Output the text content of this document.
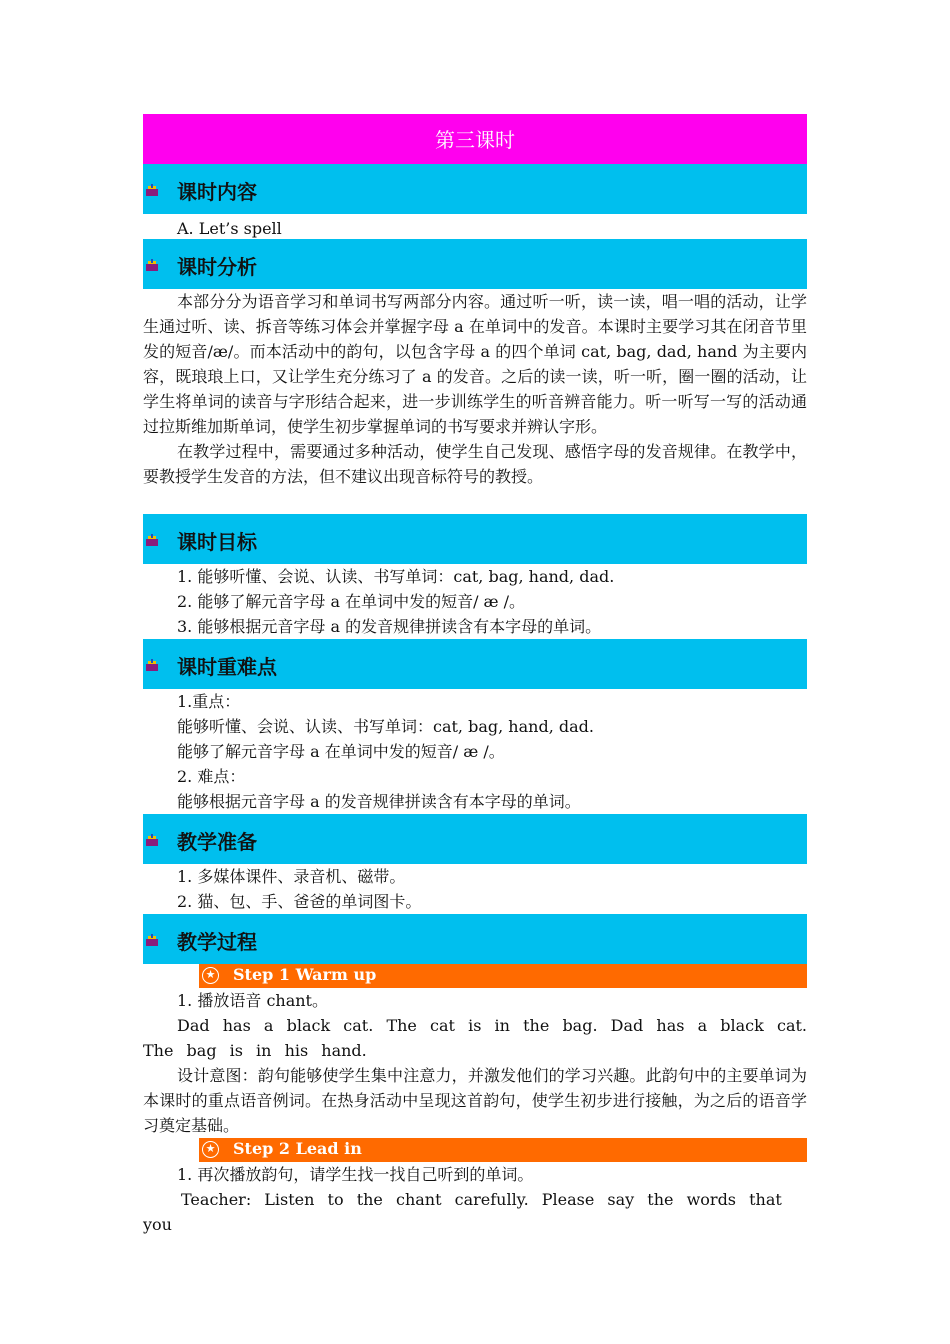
第三课时
课时内容

A. Let’s spell

课时分析

本部分分为语音学习和单词书写两部分内容。通过听一听，读一读，唱一唱的活动，让学生通过听、读、拆音等练习体会并掌握字母 a 在单词中的发音。本课时主要学习其在闭音节里发的短音/æ/。而本活动中的韵句，以包含字母 a 的四个单词 cat, bag, dad, hand 为主要内容，既琅琅上口，又让学生充分练习了 a 的发音。之后的读一读，听一听，圈一圈的活动，让学生将单词的读音与字形结合起来，进一步训练学生的听音辨音能力。听一听写一写的活动通过拉斯维加斯单词，使学生初步掌握单词的书写要求并辨认字形。

在教学过程中，需要通过多种活动，使学生自己发现、感悟字母的发音规律。在教学中，要教授学生发音的方法，但不建议出现音标符号的教授。

课时目标

1. 能够听懂、会说、认读、书写单词：cat, bag, hand, dad.

2. 能够了解元音字母 a 在单词中发的短音/ æ /。

3. 能够根据元音字母 a 的发音规律拼读含有本字母的单词。

课时重难点

1.重点：

能够听懂、会说、认读、书写单词：cat, bag, hand, dad.

能够了解元音字母 a 在单词中发的短音/ æ /。

2. 难点：

能够根据元音字母 a 的发音规律拼读含有本字母的单词。

教学准备

1. 多媒体课件、录音机、磁带。

2. 猫、包、手、爸爸的单词图卡。

教学过程
★ Step 1 Warm up

1. 播放语音 chant。

Dad has a black cat. The cat is in the bag. Dad has a black cat. The bag is in his hand.

设计意图：韵句能够使学生集中注意力，并激发他们的学习兴趣。此韵句中的主要单词为本课时的重点语音例词。在热身活动中呈现这首韵句，使学生初步进行接触，为之后的语音学习奠定基础。

★ Step 2 Lead in

1. 再次播放韵句，请学生找一找自己听到的单词。

Teacher: Listen to the chant carefully. Please say the words that you
